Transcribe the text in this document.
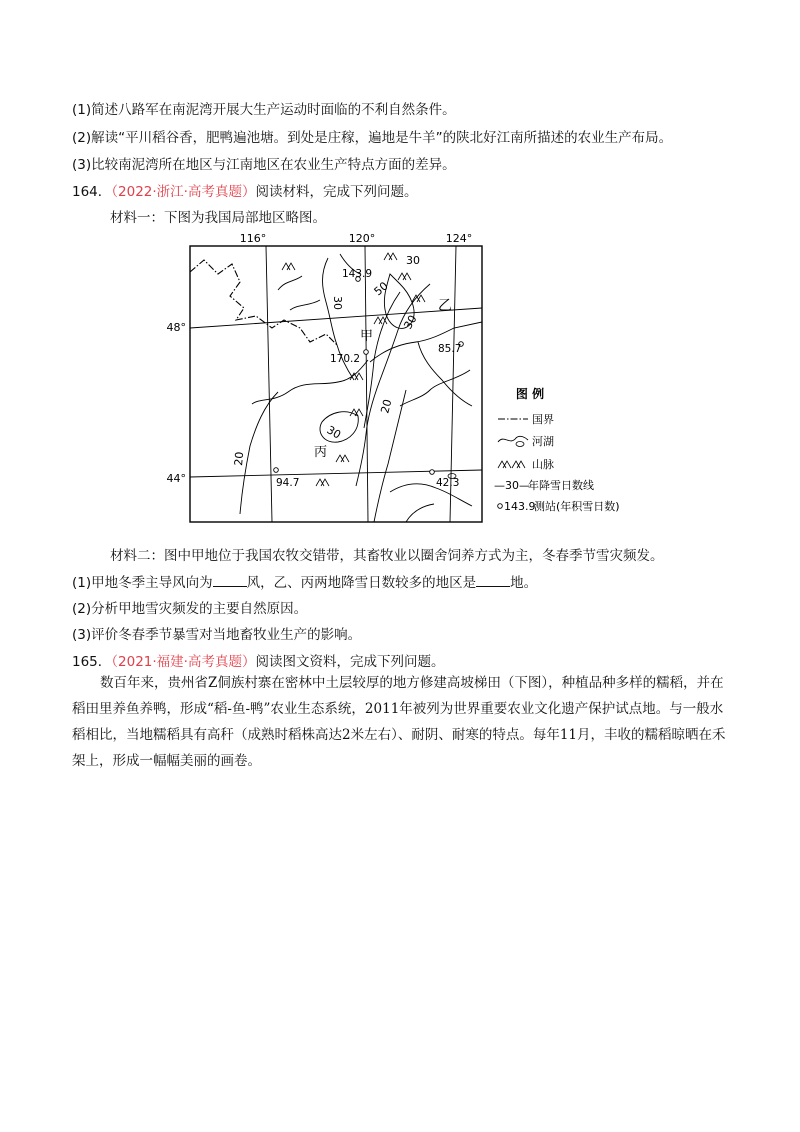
(1)简述八路军在南泥湾开展大生产运动时面临的不利自然条件。
(2)解读“平川稻谷香，肥鸭遍池塘。到处是庄稼，遍地是牛羊”的陕北好江南所描述的农业生产布局。
(3)比较南泥湾所在地区与江南地区在农业生产特点方面的差异。
164．（2022·浙江·高考真题）阅读材料，完成下列问题。
材料一：下图为我国局部地区略图。
116°	120°	124°
48°
44°
30
50
30
30
20
20
30
甲
乙
丙
143.9
170.2
85.7
94.7	42.3
图 例
国界
河湖
山脉
—30—
年降雪日数线
143.9
测站(年积雪日数)
材料二：图中甲地位于我国农牧交错带，其畜牧业以圈舍饲养方式为主，冬春季节雪灾频发。
(1)甲地冬季主导风向为	风，乙、丙两地降雪日数较多的地区是	地。
(2)分析甲地雪灾频发的主要自然原因。
(3)评价冬春季节暴雪对当地畜牧业生产的影响。
165．（2021·福建·高考真题）阅读图文资料，完成下列问题。
数百年来，贵州省Z侗族村寨在密林中土层较厚的地方修建高坡梯田（下图），种植品种多样的糯稻，并在稻田里养鱼养鸭，形成“稻-鱼-鸭”农业生态系统，2011年被列为世界重要农业文化遗产保护试点地。与一般水稻相比，当地糯稻具有高秆（成熟时稻株高达2米左右）、耐阴、耐寒的特点。每年11月，丰收的糯稻晾晒在禾架上，形成一幅幅美丽的画卷。
